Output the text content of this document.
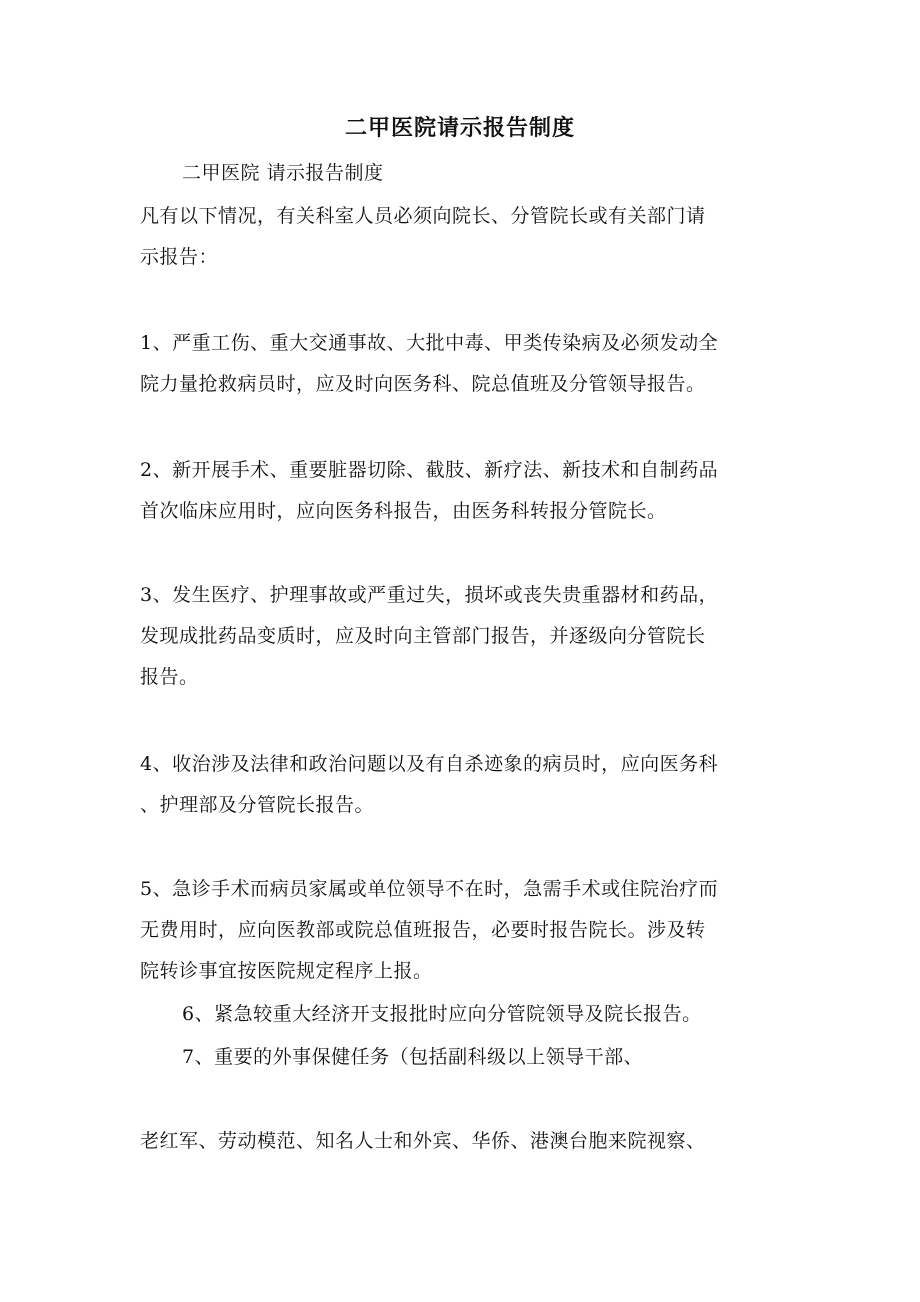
二甲医院请示报告制度
二甲医院 请示报告制度
凡有以下情况，有关科室人员必须向院长、分管院长或有关部门请
示报告：
1、严重工伤、重大交通事故、大批中毒、甲类传染病及必须发动全
院力量抢救病员时，应及时向医务科、院总值班及分管领导报告。
2、新开展手术、重要脏器切除、截肢、新疗法、新技术和自制药品
首次临床应用时，应向医务科报告，由医务科转报分管院长。
3、发生医疗、护理事故或严重过失，损坏或丧失贵重器材和药品，
发现成批药品变质时，应及时向主管部门报告，并逐级向分管院长
报告。
4、收治涉及法律和政治问题以及有自杀迹象的病员时，应向医务科
、护理部及分管院长报告。
5、急诊手术而病员家属或单位领导不在时，急需手术或住院治疗而
无费用时，应向医教部或院总值班报告，必要时报告院长。涉及转
院转诊事宜按医院规定程序上报。
6、紧急较重大经济开支报批时应向分管院领导及院长报告。
7、重要的外事保健任务（包括副科级以上领导干部、
老红军、劳动模范、知名人士和外宾、华侨、港澳台胞来院视察、
